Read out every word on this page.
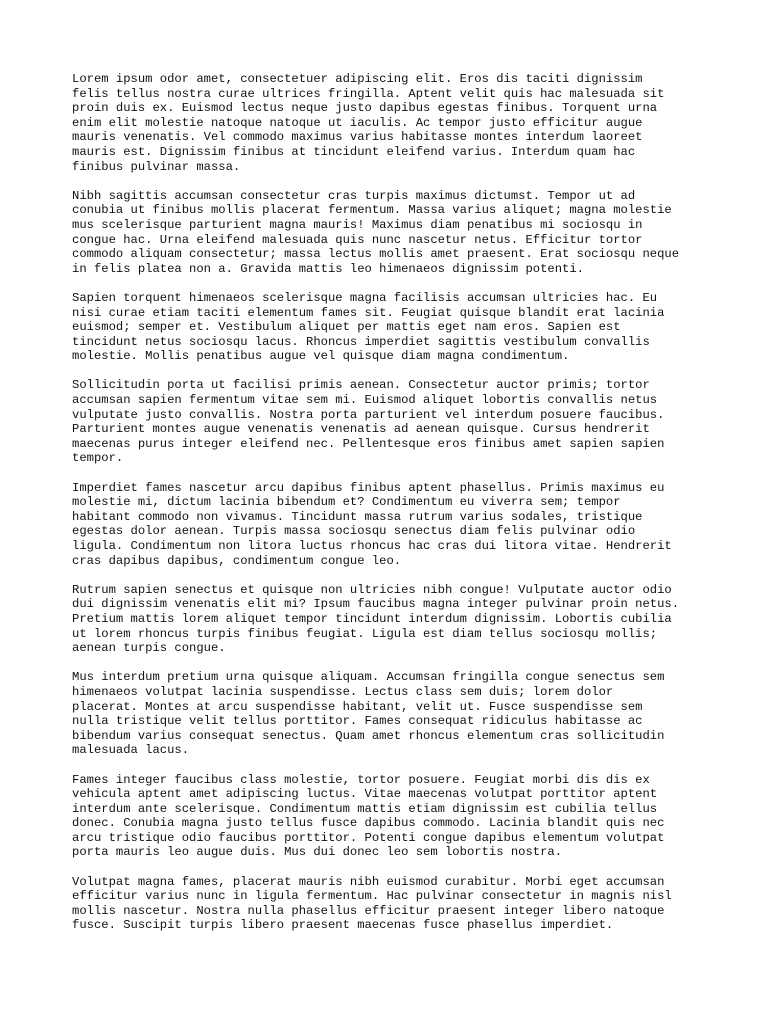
Lorem ipsum odor amet, consectetuer adipiscing elit. Eros dis taciti dignissim
felis tellus nostra curae ultrices fringilla. Aptent velit quis hac malesuada sit
proin duis ex. Euismod lectus neque justo dapibus egestas finibus. Torquent urna
enim elit molestie natoque natoque ut iaculis. Ac tempor justo efficitur augue
mauris venenatis. Vel commodo maximus varius habitasse montes interdum laoreet
mauris est. Dignissim finibus at tincidunt eleifend varius. Interdum quam hac
finibus pulvinar massa.

Nibh sagittis accumsan consectetur cras turpis maximus dictumst. Tempor ut ad
conubia ut finibus mollis placerat fermentum. Massa varius aliquet; magna molestie
mus scelerisque parturient magna mauris! Maximus diam penatibus mi sociosqu in
congue hac. Urna eleifend malesuada quis nunc nascetur netus. Efficitur tortor
commodo aliquam consectetur; massa lectus mollis amet praesent. Erat sociosqu neque
in felis platea non a. Gravida mattis leo himenaeos dignissim potenti.

Sapien torquent himenaeos scelerisque magna facilisis accumsan ultricies hac. Eu
nisi curae etiam taciti elementum fames sit. Feugiat quisque blandit erat lacinia
euismod; semper et. Vestibulum aliquet per mattis eget nam eros. Sapien est
tincidunt netus sociosqu lacus. Rhoncus imperdiet sagittis vestibulum convallis
molestie. Mollis penatibus augue vel quisque diam magna condimentum.

Sollicitudin porta ut facilisi primis aenean. Consectetur auctor primis; tortor
accumsan sapien fermentum vitae sem mi. Euismod aliquet lobortis convallis netus
vulputate justo convallis. Nostra porta parturient vel interdum posuere faucibus.
Parturient montes augue venenatis venenatis ad aenean quisque. Cursus hendrerit
maecenas purus integer eleifend nec. Pellentesque eros finibus amet sapien sapien
tempor.

Imperdiet fames nascetur arcu dapibus finibus aptent phasellus. Primis maximus eu
molestie mi, dictum lacinia bibendum et? Condimentum eu viverra sem; tempor
habitant commodo non vivamus. Tincidunt massa rutrum varius sodales, tristique
egestas dolor aenean. Turpis massa sociosqu senectus diam felis pulvinar odio
ligula. Condimentum non litora luctus rhoncus hac cras dui litora vitae. Hendrerit
cras dapibus dapibus, condimentum congue leo.

Rutrum sapien senectus et quisque non ultricies nibh congue! Vulputate auctor odio
dui dignissim venenatis elit mi? Ipsum faucibus magna integer pulvinar proin netus.
Pretium mattis lorem aliquet tempor tincidunt interdum dignissim. Lobortis cubilia
ut lorem rhoncus turpis finibus feugiat. Ligula est diam tellus sociosqu mollis;
aenean turpis congue.

Mus interdum pretium urna quisque aliquam. Accumsan fringilla congue senectus sem
himenaeos volutpat lacinia suspendisse. Lectus class sem duis; lorem dolor
placerat. Montes at arcu suspendisse habitant, velit ut. Fusce suspendisse sem
nulla tristique velit tellus porttitor. Fames consequat ridiculus habitasse ac
bibendum varius consequat senectus. Quam amet rhoncus elementum cras sollicitudin
malesuada lacus.

Fames integer faucibus class molestie, tortor posuere. Feugiat morbi dis dis ex
vehicula aptent amet adipiscing luctus. Vitae maecenas volutpat porttitor aptent
interdum ante scelerisque. Condimentum mattis etiam dignissim est cubilia tellus
donec. Conubia magna justo tellus fusce dapibus commodo. Lacinia blandit quis nec
arcu tristique odio faucibus porttitor. Potenti congue dapibus elementum volutpat
porta mauris leo augue duis. Mus dui donec leo sem lobortis nostra.

Volutpat magna fames, placerat mauris nibh euismod curabitur. Morbi eget accumsan
efficitur varius nunc in ligula fermentum. Hac pulvinar consectetur in magnis nisl
mollis nascetur. Nostra nulla phasellus efficitur praesent integer libero natoque
fusce. Suscipit turpis libero praesent maecenas fusce phasellus imperdiet.
